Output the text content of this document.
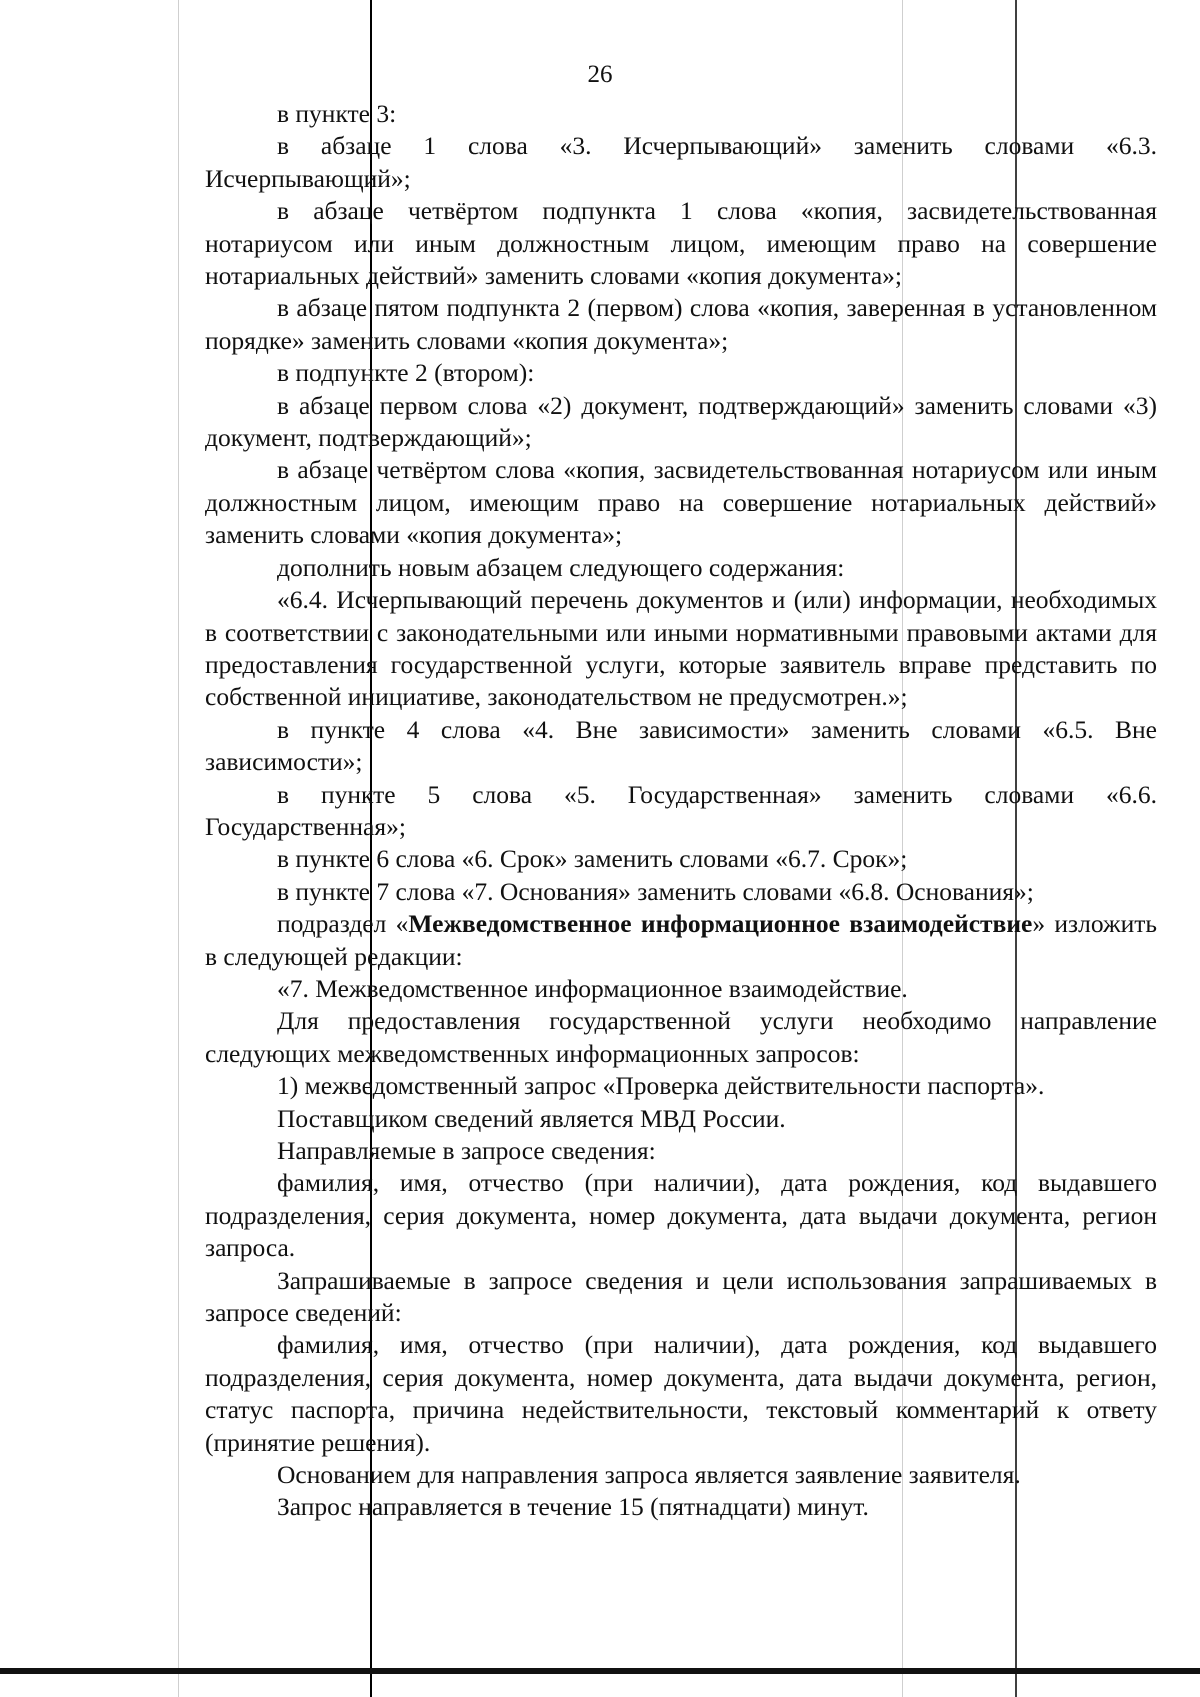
26

в пункте 3:

в абзаце 1 слова «3. Исчерпывающий» заменить словами «6.3. Исчерпывающий»;

в абзаце четвёртом подпункта 1 слова «копия, засвидетельствованная нотариусом или иным должностным лицом, имеющим право на совершение нотариальных действий» заменить словами «копия документа»;

в абзаце пятом подпункта 2 (первом) слова «копия, заверенная в установленном порядке» заменить словами «копия документа»;

в подпункте 2 (втором):

в абзаце первом слова «2) документ, подтверждающий» заменить словами «3) документ, подтверждающий»;

в абзаце четвёртом слова «копия, засвидетельствованная нотариусом или иным должностным лицом, имеющим право на совершение нотариальных действий» заменить словами «копия документа»;

дополнить новым абзацем следующего содержания:

«6.4. Исчерпывающий перечень документов и (или) информации, необходимых в соответствии с законодательными или иными нормативными правовыми актами для предоставления государственной услуги, которые заявитель вправе представить по собственной инициативе, законодательством не предусмотрен.»;

в пункте 4 слова «4. Вне зависимости» заменить словами «6.5. Вне зависимости»;

в пункте 5 слова «5. Государственная» заменить словами «6.6. Государственная»;

в пункте 6 слова «6. Срок» заменить словами «6.7. Срок»;

в пункте 7 слова «7. Основания» заменить словами «6.8. Основания»;

подраздел «Межведомственное информационное взаимодействие» изложить в следующей редакции:

«7. Межведомственное информационное взаимодействие.

Для предоставления государственной услуги необходимо направление следующих межведомственных информационных запросов:

1) межведомственный запрос «Проверка действительности паспорта».

Поставщиком сведений является МВД России.

Направляемые в запросе сведения:

фамилия, имя, отчество (при наличии), дата рождения, код выдавшего подразделения, серия документа, номер документа, дата выдачи документа, регион запроса.

Запрашиваемые в запросе сведения и цели использования запрашиваемых в запросе сведений:

фамилия, имя, отчество (при наличии), дата рождения, код выдавшего подразделения, серия документа, номер документа, дата выдачи документа, регион, статус паспорта, причина недействительности, текстовый комментарий к ответу (принятие решения).

Основанием для направления запроса является заявление заявителя.

Запрос направляется в течение 15 (пятнадцати) минут.
